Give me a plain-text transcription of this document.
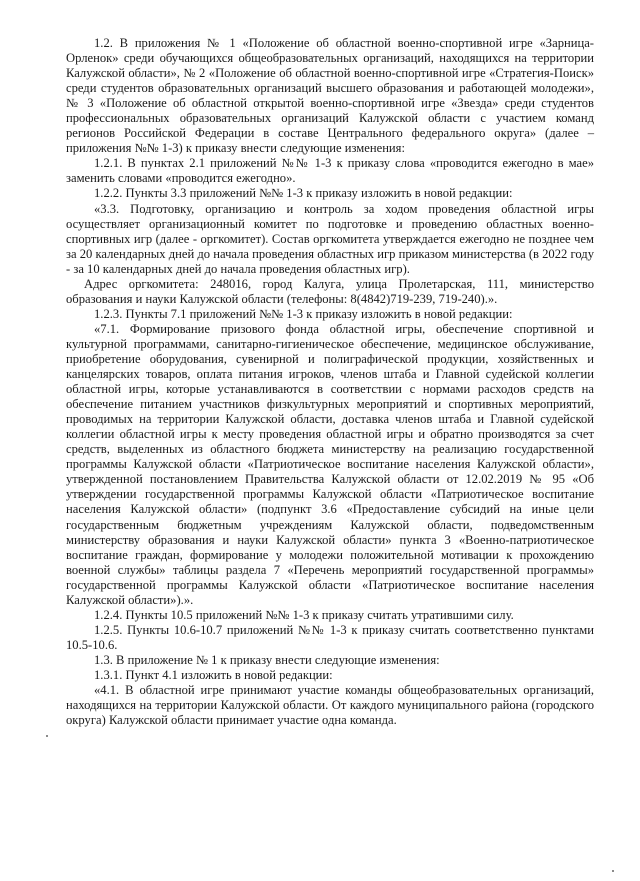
1.2. В приложения № 1 «Положение об областной военно-спортивной игре «Зарница-Орленок» среди обучающихся общеобразовательных организаций, находящихся на территории Калужской области», № 2 «Положение об областной военно-спортивной игре «Стратегия-Поиск» среди студентов образовательных организаций высшего образования и работающей молодежи», № 3 «Положение об областной открытой военно-спортивной игре «Звезда» среди студентов профессиональных образовательных организаций Калужской области с участием команд регионов Российской Федерации в составе Центрального федерального округа» (далее – приложения №№ 1-3) к приказу внести следующие изменения:

1.2.1. В пунктах 2.1 приложений №№ 1-3 к приказу слова «проводится ежегодно в мае» заменить словами «проводится ежегодно».

1.2.2. Пункты 3.3 приложений №№ 1-3 к приказу изложить в новой редакции:

«3.3. Подготовку, организацию и контроль за ходом проведения областной игры осуществляет организационный комитет по подготовке и проведению областных военно-спортивных игр (далее - оргкомитет). Состав оргкомитета утверждается ежегодно не позднее чем за 20 календарных дней до начала проведения областных игр приказом министерства (в 2022 году - за 10 календарных дней до начала проведения областных игр).

Адрес оргкомитета: 248016, город Калуга, улица Пролетарская, 111, министерство образования и науки Калужской области (телефоны: 8(4842)719-239, 719-240).».

1.2.3. Пункты 7.1 приложений №№ 1-3 к приказу изложить в новой редакции:

«7.1. Формирование призового фонда областной игры, обеспечение спортивной и культурной программами, санитарно-гигиеническое обеспечение, медицинское обслуживание, приобретение оборудования, сувенирной и полиграфической продукции, хозяйственных и канцелярских товаров, оплата питания игроков, членов штаба и Главной судейской коллегии областной игры, которые устанавливаются в соответствии с нормами расходов средств на обеспечение питанием участников физкультурных мероприятий и спортивных мероприятий, проводимых на территории Калужской области, доставка членов штаба и Главной судейской коллегии областной игры к месту проведения областной игры и обратно производятся за счет средств, выделенных из областного бюджета министерству на реализацию государственной программы Калужской области «Патриотическое воспитание населения Калужской области», утвержденной постановлением Правительства Калужской области от 12.02.2019 № 95 «Об утверждении государственной программы Калужской области «Патриотическое воспитание населения Калужской области» (подпункт 3.6 «Предоставление субсидий на иные цели государственным бюджетным учреждениям Калужской области, подведомственным министерству образования и науки Калужской области» пункта 3 «Военно-патриотическое воспитание граждан, формирование у молодежи положительной мотивации к прохождению военной службы» таблицы раздела 7 «Перечень мероприятий государственной программы» государственной программы Калужской области «Патриотическое воспитание населения Калужской области»).».

1.2.4. Пункты 10.5 приложений №№ 1-3 к приказу считать утратившими силу.

1.2.5. Пункты 10.6-10.7 приложений №№ 1-3 к приказу считать соответственно пунктами 10.5-10.6.

1.3. В приложение № 1 к приказу внести следующие изменения:

1.3.1. Пункт 4.1 изложить в новой редакции:

«4.1. В областной игре принимают участие команды общеобразовательных организаций, находящихся на территории Калужской области. От каждого муниципального района (городского округа) Калужской области принимает участие одна команда.
